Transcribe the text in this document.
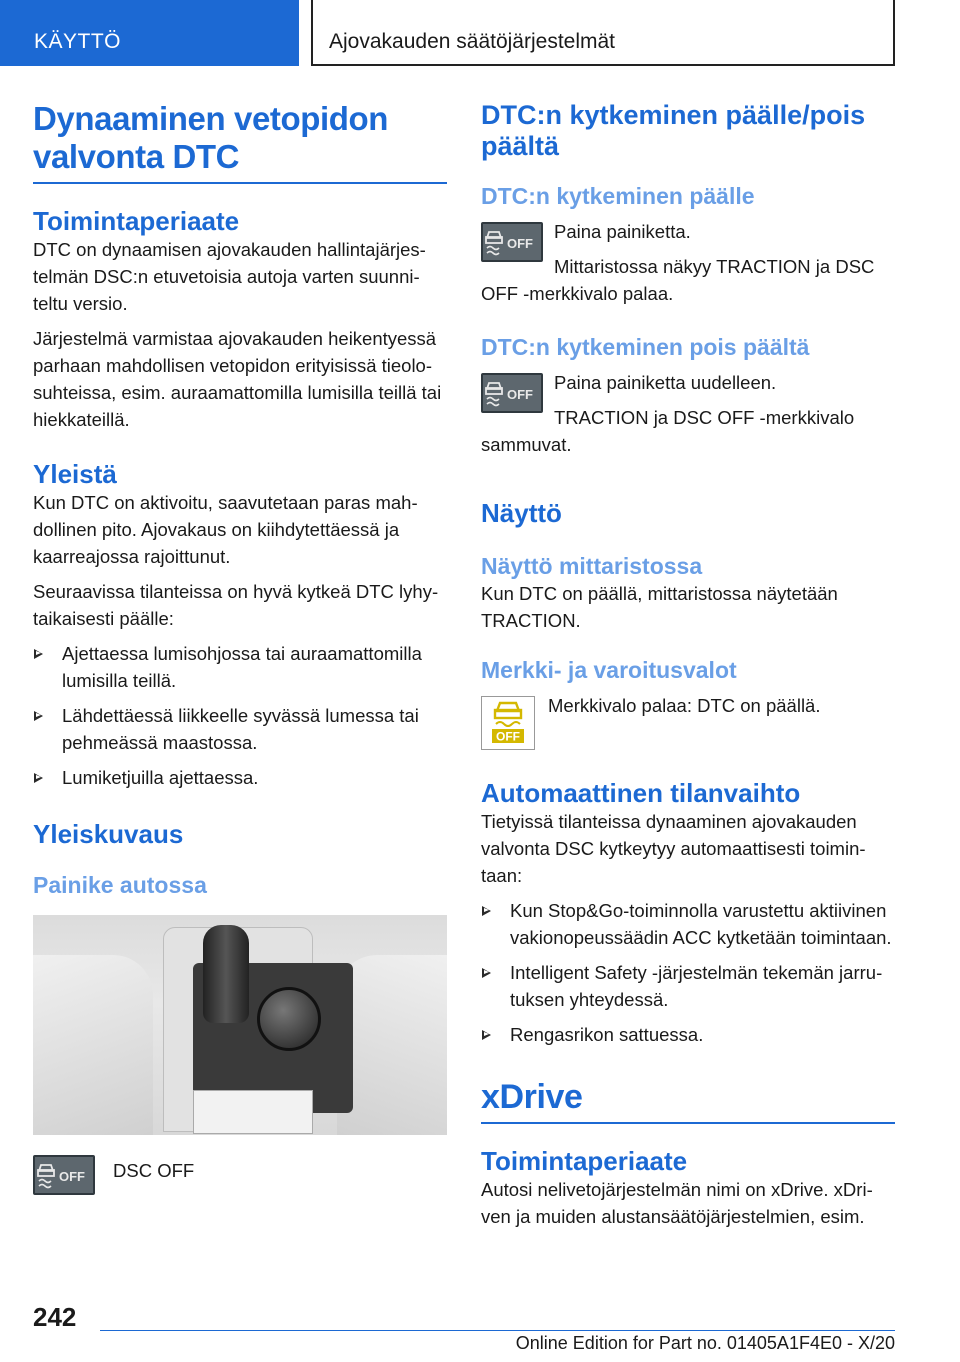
KÄYTTÖ	Ajovakauden säätöjärjestelmät
Dynaaminen vetopidon valvonta DTC
Toimintaperiaate

DTC on dynaamisen ajovakauden hallintajärjestelmän DSC:n etuvetoisia autoja varten suunniteltu versio.

Järjestelmä varmistaa ajovakauden heikentyessä parhaan mahdollisen vetopidon erityisissä tieolosuhteissa, esim. auraamattomilla lumisilla teillä tai hiekkateillä.

Yleistä

Kun DTC on aktivoitu, saavutetaan paras mahdollinen pito. Ajovakaus on kiihdytettäessä ja kaarreajossa rajoittunut.

Seuraavissa tilanteissa on hyvä kytkeä DTC lyhytaikaisesti päälle:

Ajettaessa lumisohjossa tai auraamattomilla lumisilla teillä.
Lähdettäessä liikkeelle syvässä lumessa tai pehmeässä maastossa.
Lumiketjuilla ajettaessa.
Yleiskuvaus
Painike autossa
OFF	DSC OFF

DTC:n kytkeminen päälle/pois päältä
DTC:n kytkeminen päälle
OFF

Paina painiketta.

Mittaristossa näkyy TRACTION ja DSC OFF -merkkivalo palaa.

DTC:n kytkeminen pois päältä
OFF

Paina painiketta uudelleen.

TRACTION ja DSC OFF -merkkivalo sammuvat.

Näyttö
Näyttö mittaristossa

Kun DTC on päällä, mittaristossa näytetään TRACTION.

Merkki- ja varoitusvalot
OFF

Merkkivalo palaa: DTC on päällä.

Automaattinen tilanvaihto

Tietyissä tilanteissa dynaaminen ajovakauden valvonta DSC kytkeytyy automaattisesti toimintaan:

Kun Stop&Go-toiminnolla varustettu aktiivinen vakionopeussäädin ACC kytketään toimintaan.
Intelligent Safety -järjestelmän tekemän jarrutuksen yhteydessä.
Rengasrikon sattuessa.
xDrive
Toimintaperiaate

Autosi nelivetojärjestelmän nimi on xDrive. xDriven ja muiden alustansäätöjärjestelmien, esim.

242
Online Edition for Part no. 01405A1F4E0 - X/20
